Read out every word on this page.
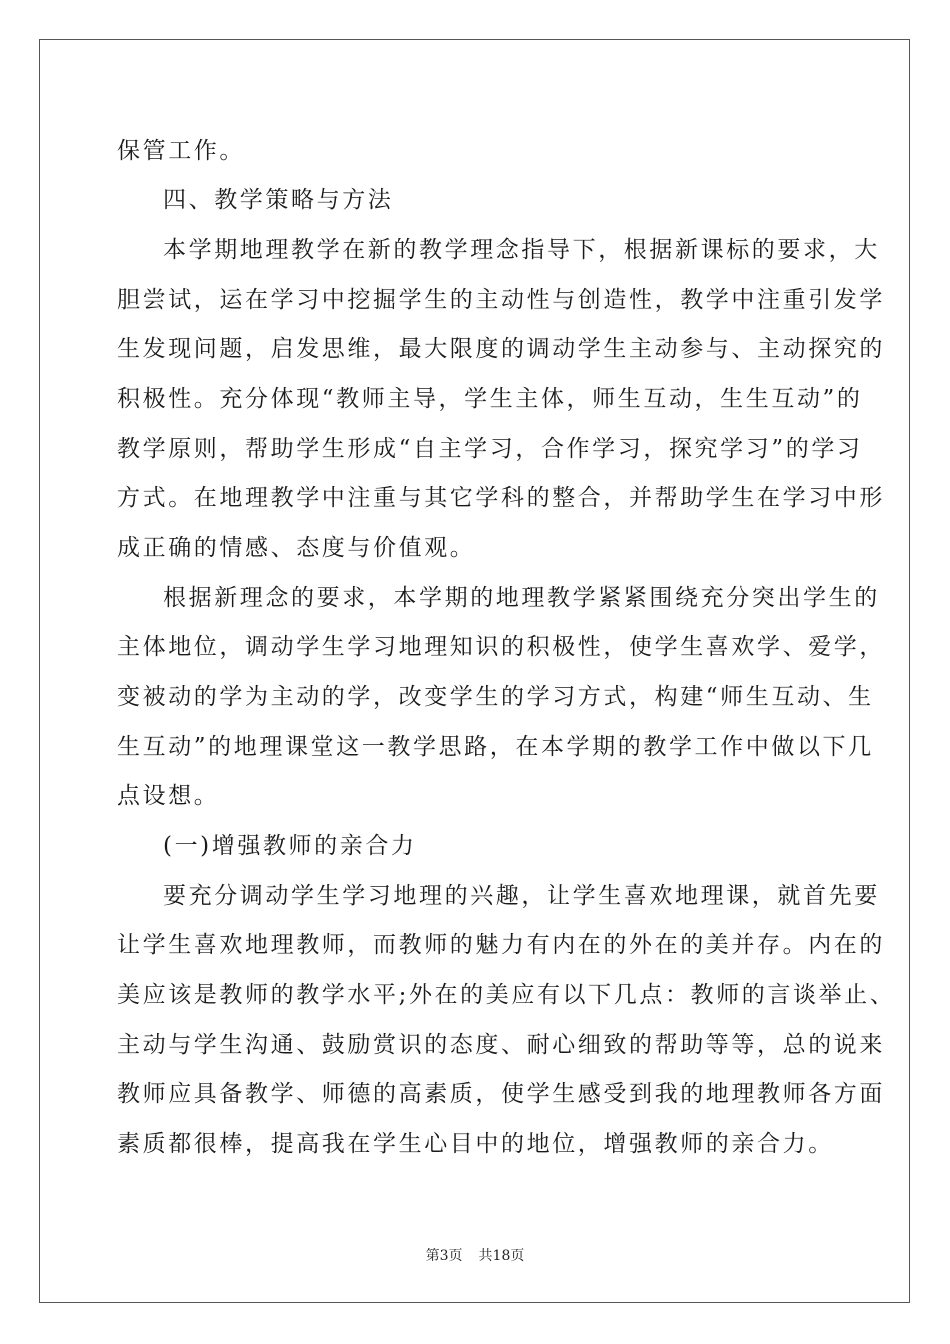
保管工作。
四、教学策略与方法
本学期地理教学在新的教学理念指导下，根据新课标的要求，大
胆尝试，运在学习中挖掘学生的主动性与创造性，教学中注重引发学
生发现问题，启发思维，最大限度的调动学生主动参与、主动探究的
积极性。充分体现“教师主导，学生主体，师生互动，生生互动”的
教学原则，帮助学生形成“自主学习，合作学习，探究学习”的学习
方式。在地理教学中注重与其它学科的整合，并帮助学生在学习中形
成正确的情感、态度与价值观。
根据新理念的要求，本学期的地理教学紧紧围绕充分突出学生的
主体地位，调动学生学习地理知识的积极性，使学生喜欢学、爱学，
变被动的学为主动的学，改变学生的学习方式，构建“师生互动、生
生互动”的地理课堂这一教学思路，在本学期的教学工作中做以下几
点设想。
(一)增强教师的亲合力
要充分调动学生学习地理的兴趣，让学生喜欢地理课，就首先要
让学生喜欢地理教师，而教师的魅力有内在的外在的美并存。内在的
美应该是教师的教学水平;外在的美应有以下几点：教师的言谈举止、
主动与学生沟通、鼓励赏识的态度、耐心细致的帮助等等，总的说来
教师应具备教学、师德的高素质，使学生感受到我的地理教师各方面
素质都很棒，提高我在学生心目中的地位，增强教师的亲合力。
第3页 共18页
